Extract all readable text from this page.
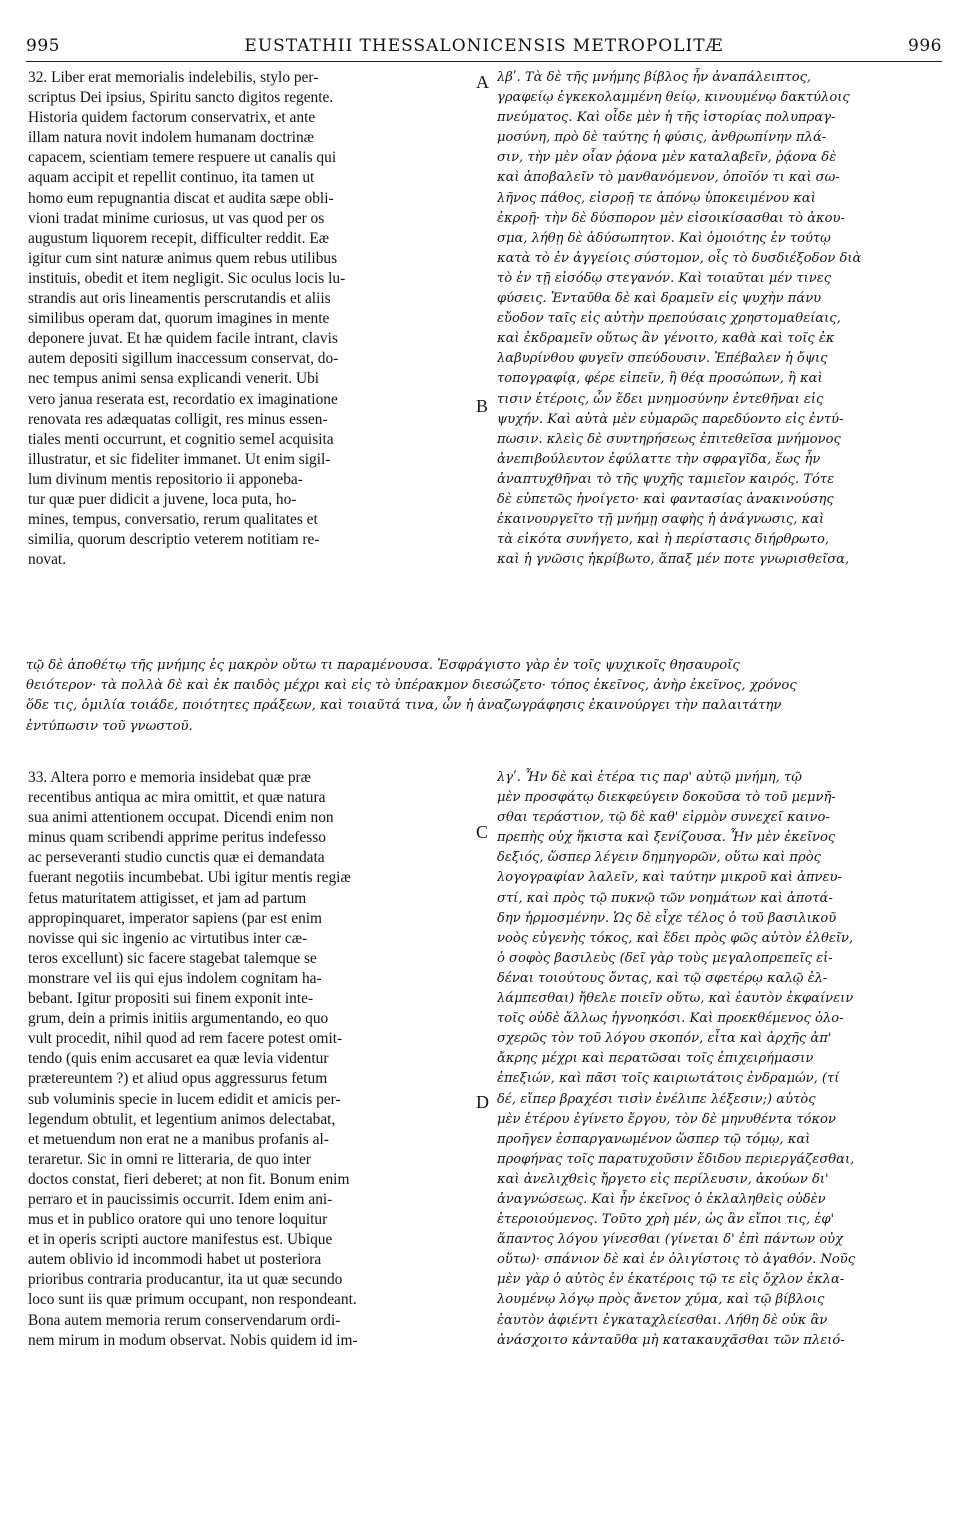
EUSTATHII THESSALONICENSIS METROPOLITÆ
995	996
32. Liber erat memorialis indelebilis, stylo per-
scriptus Dei ipsius, Spiritu sancto digitos regente.
Historia quidem factorum conservatrix, et ante
illam natura novit indolem humanam doctrinæ
capacem, scientiam temere respuere ut canalis qui
aquam accipit et repellit continuo, ita tamen ut
homo eum repugnantia discat et audita sæpe obli-
vioni tradat minime curiosus, ut vas quod per os
augustum liquorem recepit, difficulter reddit. Eæ
igitur cum sint naturæ animus quem rebus utilibus
instituis, obedit et item negligit. Sic oculus locis lu-
strandis aut oris lineamentis perscrutandis et aliis
similibus operam dat, quorum imagines in mente
deponere juvat. Et hæ quidem facile intrant, clavis
autem depositi sigillum inaccessum conservat, do-
nec tempus animi sensa explicandi venerit. Ubi
vero janua reserata est, recordatio ex imaginatione
renovata res adæquatas colligit, res minus essen-
tiales menti occurrunt, et cognitio semel acquisita
illustratur, et sic fideliter immanet. Ut enim sigil-
lum divinum mentis repositorio ii apponeba-
tur quæ puer didicit a juvene, loca puta, ho-
mines, tempus, conversatio, rerum qualitates et
similia, quorum descriptio veterem notitiam re-
novat.
λβʹ. Τὰ δὲ τῆς μνήμης βίβλος ἦν ἀναπάλειπτος,
γραφείῳ ἐγκεκολαμμένη θείῳ, κινουμένῳ δακτύλοις
πνεύματος. Καὶ οἶδε μὲν ἡ τῆς ἱστορίας πολυπραγ-
μοσύνη, πρὸ δὲ ταύτης ἡ φύσις, ἀνθρωπίνην πλά-
σιν, τὴν μὲν οἷαν ῥᾴονα μὲν καταλαβεῖν, ῥᾴονα δὲ
καὶ ἀποβαλεῖν τὸ μανθανόμενον, ὁποῖόν τι καὶ σω-
λῆνος πάθος, εἰσροῇ τε ἀπόνῳ ὑποκειμένου καὶ
ἐκροῇ· τὴν δὲ δύσπορον μὲν εἰσοικίσασθαι τὸ ἀκου-
σμα, λήθῃ δὲ ἀδύσωπητον. Καὶ ὁμοιότης ἐν τούτῳ
κατὰ τὸ ἐν ἀγγείοις σύστομον, οἷς τὸ δυσδιέξοδον διὰ
τὸ ἐν τῇ εἰσόδῳ στεγανόν. Καὶ τοιαῦται μέν τινες
φύσεις. Ἐνταῦθα δὲ καὶ δραμεῖν εἰς ψυχὴν πάνυ
εὔοδον ταῖς εἰς αὐτὴν πρεπούσαις χρηστομαθείαις,
καὶ ἐκδραμεῖν οὕτως ἂν γένοιτο, καθὰ καὶ τοῖς ἐκ
λαβυρίνθου φυγεῖν σπεύδουσιν. Ἐπέβαλεν ἡ ὄψις
τοπογραφίᾳ, φέρε εἰπεῖν, ἢ θέᾳ προσώπων, ἢ καὶ
τισιν ἑτέροις, ὧν ἔδει μνημοσύνην ἐντεθῆναι εἰς
ψυχήν. Καὶ αὐτὰ μὲν εὐμαρῶς παρεδύοντο εἰς ἐντύ-
πωσιν. κλεὶς δὲ συντηρήσεως ἐπιτεθεῖσα μνήμονος
ἀνεπιβούλευτον ἐφύλαττε τὴν σφραγῖδα, ἕως ἦν
ἀναπτυχθῆναι τὸ τῆς ψυχῆς ταμιεῖον καιρός. Τότε
δὲ εὐπετῶς ἠνοίγετο· καὶ φαντασίας ἀνακινούσης
ἐκαινουργεῖτο τῇ μνήμῃ σαφὴς ἡ ἀνάγνωσις, καὶ
τὰ εἰκότα συνήγετο, καὶ ἡ περίστασις διήρθρωτο,
καὶ ἡ γνῶσις ἠκρίβωτο, ἅπαξ μέν ποτε γνωρισθεῖσα,
τῷ δὲ ἀποθέτῳ τῆς μνήμης ἐς μακρὸν οὕτω τι παραμένουσα. Ἐσφράγιστο γὰρ ἐν τοῖς ψυχικοῖς θησαυροῖς
θειότερον· τὰ πολλὰ δὲ καὶ ἐκ παιδὸς μέχρι καὶ εἰς τὸ ὑπέρακμον διεσώζετο· τόπος ἐκεῖνος, ἀνὴρ ἐκεῖνος, χρόνος
ὅδε τις, ὁμιλία τοιάδε, ποιότητες πράξεων, καὶ τοιαῦτά τινα, ὧν ἡ ἀναζωγράφησις ἐκαινούργει τὴν παλαιτάτην
ἐντύπωσιν τοῦ γνωστοῦ.
33. Altera porro e memoria insidebat quæ præ
recentibus antiqua ac mira omittit, et quæ natura
sua animi attentionem occupat. Dicendi enim non
minus quam scribendi apprime peritus indefesso
ac perseveranti studio cunctis quæ ei demandata
fuerant negotiis incumbebat. Ubi igitur mentis regiæ
fetus maturitatem attigisset, et jam ad partum
appropinquaret, imperator sapiens (par est enim
novisse qui sic ingenio ac virtutibus inter cæ-
teros excellunt) sic facere stagebat talemque se
monstrare vel iis qui ejus indolem cognitam ha-
bebant. Igitur propositi sui finem exponit inte-
grum, dein a primis initiis argumentando, eo quo
vult procedit, nihil quod ad rem facere potest omit-
tendo (quis enim accusaret ea quæ levia videntur
prætereuntem ?) et aliud opus aggressurus fetum
sub voluminis specie in lucem edidit et amicis per-
legendum obtulit, et legentium animos delectabat,
et metuendum non erat ne a manibus profanis al-
teraretur. Sic in omni re litteraria, de quo inter
doctos constat, fieri deberet; at non fit. Bonum enim
perraro et in paucissimis occurrit. Idem enim ani-
mus et in publico oratore qui uno tenore loquitur
et in operis scripti auctore manifestus est. Ubique
autem oblivio id incommodi habet ut posteriora
prioribus contraria producantur, ita ut quæ secundo
loco sunt iis quæ primum occupant, non respondeant.
Bona autem memoria rerum conservendarum ordi-
nem mirum in modum observat. Nobis quidem id im-
λγʹ. Ἦν δὲ καὶ ἑτέρα τις παρ' αὐτῷ μνήμη, τῷ
μὲν προσφάτῳ διεκφεύγειν δοκοῦσα τὸ τοῦ μεμνῆ-
σθαι τεράστιον, τῷ δὲ καθ' εἱρμὸν συνεχεῖ καινο-
πρεπὴς οὐχ ἥκιστα καὶ ξενίζουσα. Ἦν μὲν ἐκεῖνος
δεξιός, ὥσπερ λέγειν δημηγορῶν, οὕτω καὶ πρὸς
λογογραφίαν λαλεῖν, καὶ ταύτην μικροῦ καὶ ἀπνευ-
στί, καὶ πρὸς τῷ πυκνῷ τῶν νοημάτων καὶ ἀποτά-
δην ἡρμοσμένην. Ὡς δὲ εἶχε τέλος ὁ τοῦ βασιλικοῦ
νοὸς εὐγενὴς τόκος, καὶ ἔδει πρὸς φῶς αὐτὸν ἐλθεῖν,
ὁ σοφὸς βασιλεὺς (δεῖ γὰρ τοὺς μεγαλοπρεπεῖς εἰ-
δέναι τοιούτους ὄντας, καὶ τῷ σφετέρῳ καλῷ ἐλ-
λάμπεσθαι) ἤθελε ποιεῖν οὕτω, καὶ ἑαυτὸν ἐκφαίνειν
τοῖς οὐδὲ ἄλλως ἠγνοηκόσι. Καὶ προεκθέμενος ὁλο-
σχερῶς τὸν τοῦ λόγου σκοπόν, εἶτα καὶ ἀρχῆς ἀπ'
ἄκρης μέχρι καὶ περατῶσαι τοῖς ἐπιχειρήμασιν
ἐπεξιών, καὶ πᾶσι τοῖς καιριωτάτοις ἐνδραμών, (τί
δέ, εἴπερ βραχέσι τισὶν ἐνέλιπε λέξεσιν;) αὐτὸς
μὲν ἑτέρου ἐγίνετο ἔργου, τὸν δὲ μηνυθέντα τόκον
προῆγεν ἐσπαργανωμένον ὥσπερ τῷ τόμῳ, καὶ
προφήνας τοῖς παρατυχοῦσιν ἔδιδου περιεργάζεσθαι,
καὶ ἀνελιχθεὶς ἤργετο εἰς περίλευσιν, ἀκούων δι'
ἀναγνώσεως. Καὶ ἦν ἐκεῖνος ὁ ἐκλαληθεὶς οὐδὲν
ἑτεροιούμενος. Τοῦτο χρὴ μέν, ὡς ἂν εἴποι τις, ἐφ'
ἅπαντος λόγου γίνεσθαι (γίνεται δ' ἐπὶ πάντων οὐχ
οὕτω)· σπάνιον δὲ καὶ ἐν ὀλιγίστοις τὸ ἀγαθόν. Νοῦς
μὲν γὰρ ὁ αὐτὸς ἐν ἑκατέροις τῷ τε εἰς ὄχλον ἐκλα-
λουμένῳ λόγῳ πρὸς ἄνετον χύμα, καὶ τῷ βίβλοις
ἑαυτὸν ἀφιέντι ἐγκαταχλείεσθαι. Λήθη δὲ οὐκ ἂν
ἀνάσχοιτο κἀνταῦθα μὴ κατακαυχᾶσθαι τῶν πλειό-
A
B
C
D
